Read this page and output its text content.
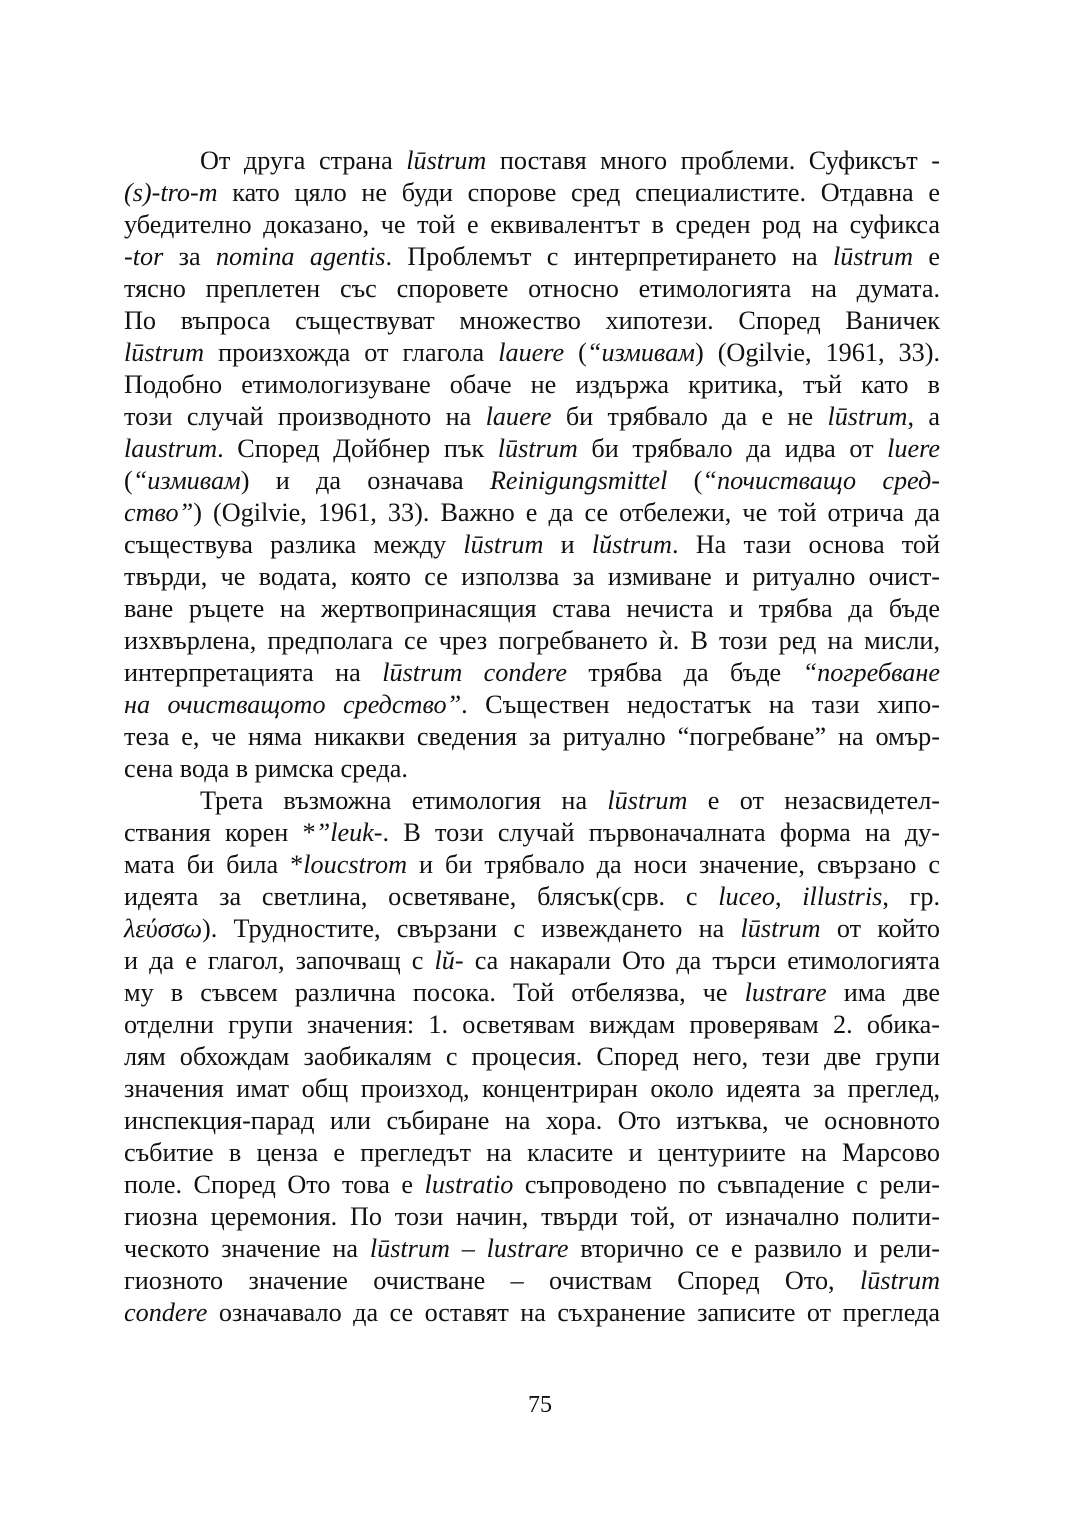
От друга страна lūstrum поставя много проблеми. Суфиксът -
(s)-tro-m като цяло не буди спорове сред специалистите. Отдавна е
убедително доказано, че той е еквивалентът в среден род на суфикса
-tor за nomina agentis. Проблемът с интерпретирането на lūstrum е
тясно преплетен със споровете относно етимологията на думата.
По въпроса съществуват множество хипотези. Според Ваничек
lūstrum произхожда от глагола lauere (“измивам) (Ogilvie, 1961, 33).
Подобно етимологизуване обаче не издържа критика, тъй като в
този случай производното на lauere би трябвало да е не lūstrum, а
laustrum. Според Дойбнер пък lūstrum би трябвало да идва от luere
(“измивам) и да означава Reinigungsmittel (“почистващо сред-
ство”) (Ogilvie, 1961, 33). Важно е да се отбележи, че той отрича да
съществува разлика между lūstrum и lŭstrum. На тази основа той
твърди, че водата, която се използва за измиване и ритуално очист-
ване ръцете на жертвопринасящия става нечиста и трябва да бъде
изхвърлена, предполага се чрез погребването ѝ. В този ред на мисли,
интерпретацията на lūstrum condere трябва да бъде “погребване
на очистващото средство”. Съществен недостатък на тази хипо-
теза е, че няма никакви сведения за ритуално “погребване” на омър-
сена вода в римска среда.
Трета възможна етимология на lūstrum е от незасвидетел-
ствания корен *”leuk-. В този случай първоначалната форма на ду-
мата би била *loucstrom и би трябвало да носи значение, свързано с
идеята за светлина, осветяване, блясък(срв. с luceo, illustris, гр.
λεύσσω). Трудностите, свързани с извеждането на lūstrum от който
и да е глагол, започващ с lŭ- са накарали Ото да търси етимологията
му в съвсем различна посока. Той отбелязва, че lustrare има две
отделни групи значения: 1. осветявам виждам проверявам 2. обика-
лям обхождам заобикалям с процесия. Според него, тези две групи
значения имат общ произход, концентриран около идеята за преглед,
инспекция-парад или събиране на хора. Ото изтъква, че основното
събитие в ценза е прегледът на класите и центуриите на Марсово
поле. Според Ото това е lustratio съпроводено по съвпадение с рели-
гиозна церемония. По този начин, твърди той, от изначално полити-
ческото значение на lūstrum – lustrare вторично се е развило и рели-
гиозното значение очистване – очиствам Според Ото, lūstrum
condere означавало да се оставят на съхранение записите от прегледа
75
